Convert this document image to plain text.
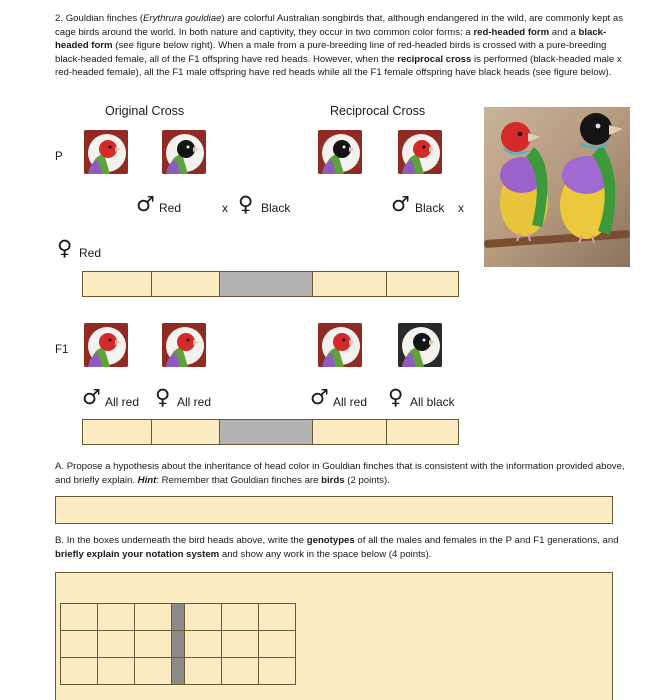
2. Gouldian finches (Erythrura gouldiae) are colorful Australian songbirds that, although endangered in the wild, are commonly kept as cage birds around the world. In both nature and captivity, they occur in two common color forms: a red-headed form and a black-headed form (see figure below right). When a male from a pure-breeding line of red-headed birds is crossed with a pure-breeding black-headed female, all of the F1 offspring have red heads. However, when the reciprocal cross is performed (black-headed male x red-headed female), all the F1 male offspring have red heads while all the F1 female offspring have black heads (see figure below).
Original Cross	Reciprocal Cross
P
F1
♂ Red	x ♀ Black	♂ Black x
♀ Red
♂ All red ♀ All red	♂ All red ♀ All black
A. Propose a hypothesis about the inheritance of head color in Gouldian finches that is consistent with the information provided above, and briefly explain. Hint: Remember that Gouldian finches are birds (2 points).
B. In the boxes underneath the bird heads above, write the genotypes of all the males and females in the P and F1 generations, and briefly explain your notation system and show any work in the space below (4 points).
